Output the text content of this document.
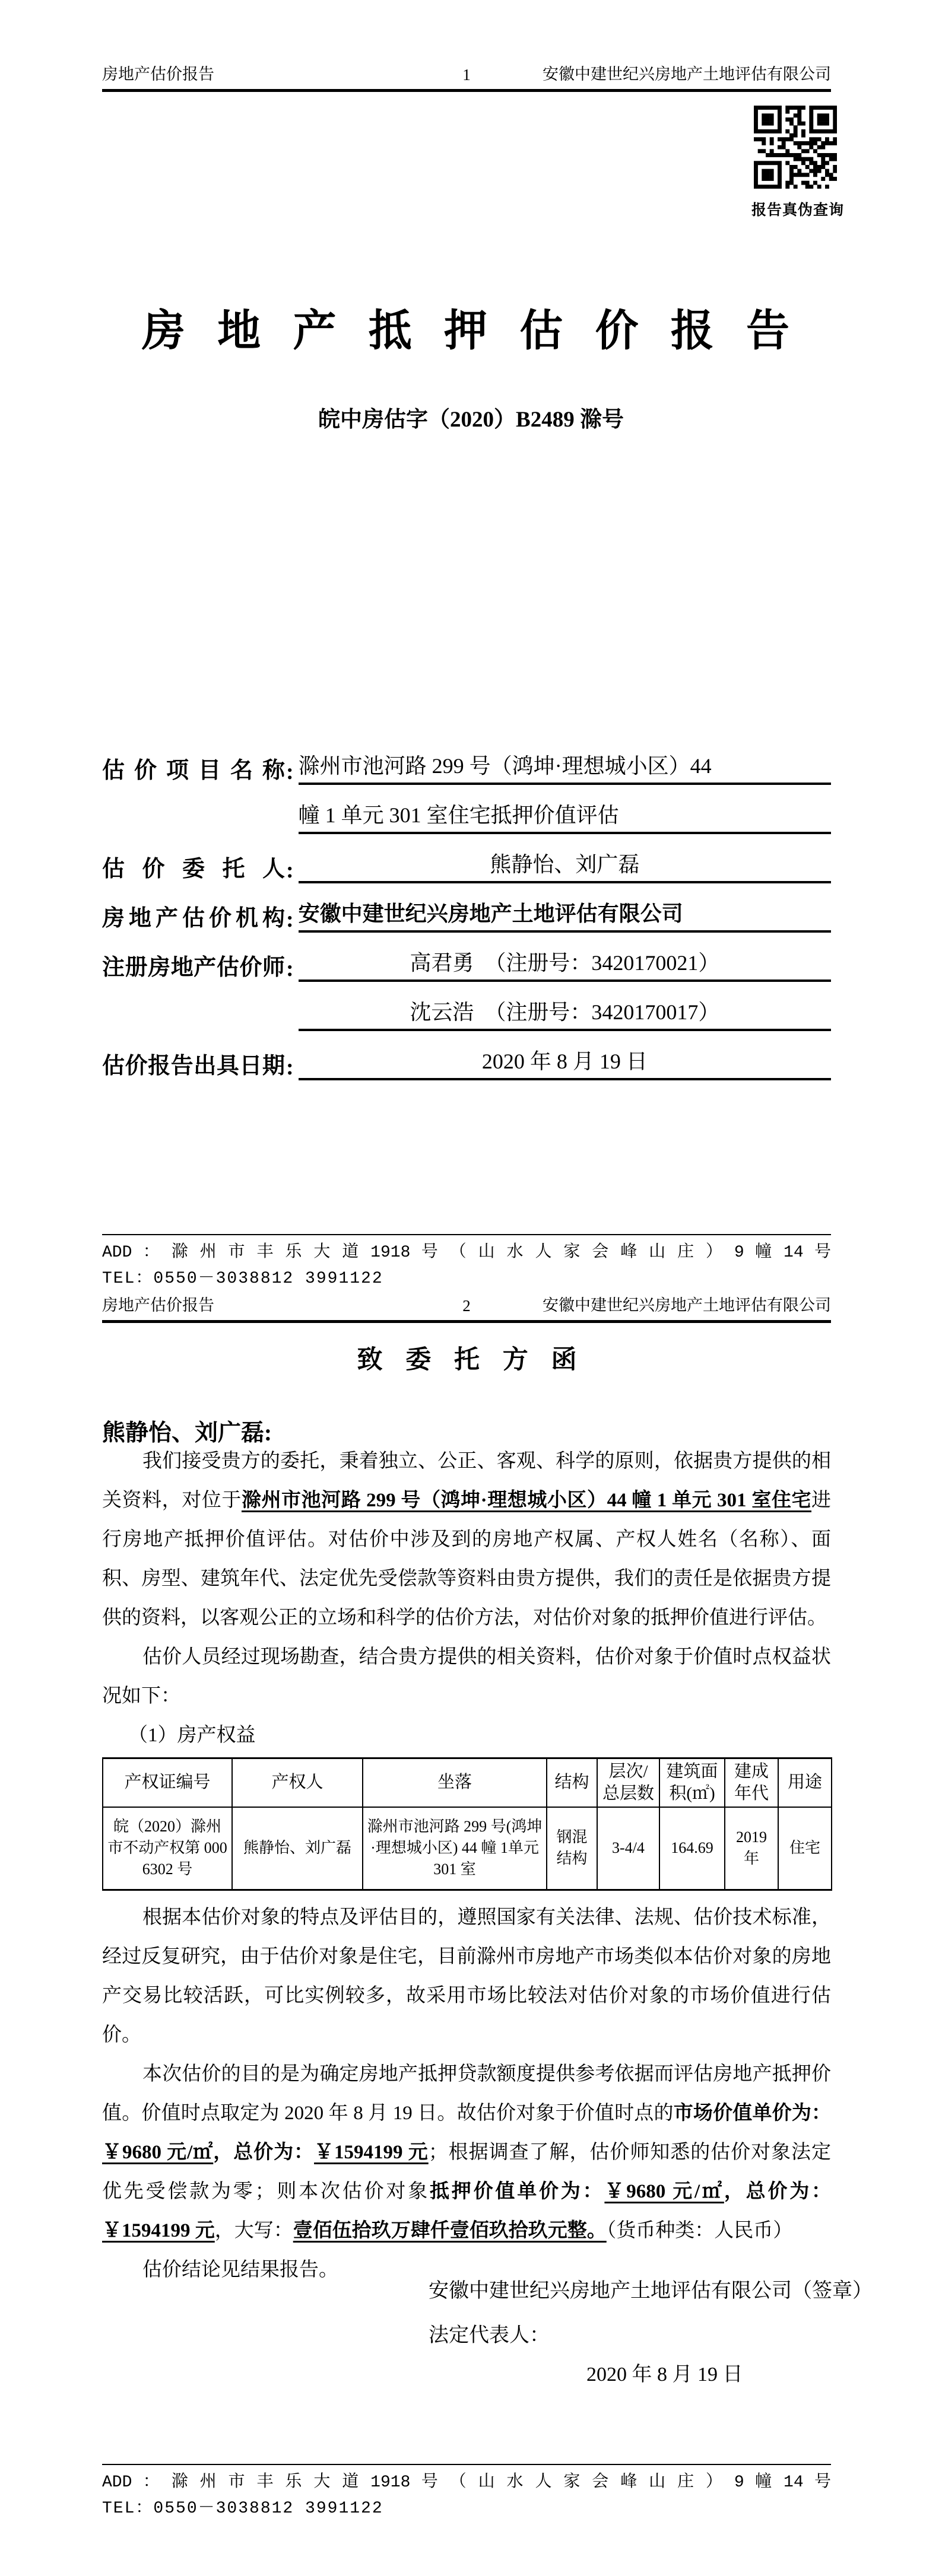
房地产估价报告	1	安徽中建世纪兴房地产土地评估有限公司
报告真伪查询
房 地 产 抵 押 估 价 报 告
皖中房估字（2020）B2489 滁号
估价项目名称 : 滁州市池河路 299 号（鸿坤·理想城小区）44
幢 1 单元 301 室住宅抵押价值评估
估价委托人 :	熊静怡、刘广磊
房地产估价机构 : 安徽中建世纪兴房地产土地评估有限公司
注册房地产估价师 :	高君勇　（注册号：3420170021）
沈云浩　（注册号：3420170017）
估价报告出具日期 :	2020 年 8 月 19 日
ADD ： 滁 州 市 丰 乐 大 道 1918 号 （ 山 水 人 家 会 峰 山 庄 ） 9 幢 14 号
TEL：0550－3038812 3991122
房地产估价报告	2	安徽中建世纪兴房地产土地评估有限公司
致 委 托 方 函
熊静怡、刘广磊:

我们接受贵方的委托，秉着独立、公正、客观、科学的原则，依据贵方提供的相关资料，对位于滁州市池河路 299 号（鸿坤·理想城小区）44 幢 1 单元 301 室住宅进行房地产抵押价值评估。对估价中涉及到的房地产权属、产权人姓名（名称）、面积、房型、建筑年代、法定优先受偿款等资料由贵方提供，我们的责任是依据贵方提供的资料，以客观公正的立场和科学的估价方法，对估价对象的抵押价值进行评估。

估价人员经过现场勘查，结合贵方提供的相关资料，估价对象于价值时点权益状况如下：

（1）房产权益
产权证编号	产权人	坐落	结构	层次/总层数	建筑面积(㎡)	建成年代	用途
皖（2020）滁州市不动产权第 0006302 号	熊静怡、刘广磊	滁州市池河路 299 号(鸿坤·理想城小区) 44 幢 1单元 301 室	钢混结构	3-4/4	164.69	2019 年	住宅

根据本估价对象的特点及评估目的，遵照国家有关法律、法规、估价技术标准，经过反复研究，由于估价对象是住宅，目前滁州市房地产市场类似本估价对象的房地产交易比较活跃，可比实例较多，故采用市场比较法对估价对象的市场价值进行估价。

本次估价的目的是为确定房地产抵押贷款额度提供参考依据而评估房地产抵押价值。价值时点取定为 2020 年 8 月 19 日。故估价对象于价值时点的市场价值单价为：￥9680 元/㎡，总价为：￥1594199 元；根据调查了解，估价师知悉的估价对象法定优先受偿款为零；则本次估价对象抵押价值单价为：￥9680 元/㎡，总价为：￥1594199 元，大写：壹佰伍拾玖万肆仟壹佰玖拾玖元整。（货币种类：人民币）

估价结论见结果报告。

安徽中建世纪兴房地产土地评估有限公司（签章）
法定代表人：
2020 年 8 月 19 日
ADD ： 滁 州 市 丰 乐 大 道 1918 号 （ 山 水 人 家 会 峰 山 庄 ） 9 幢 14 号
TEL：0550－3038812 3991122
